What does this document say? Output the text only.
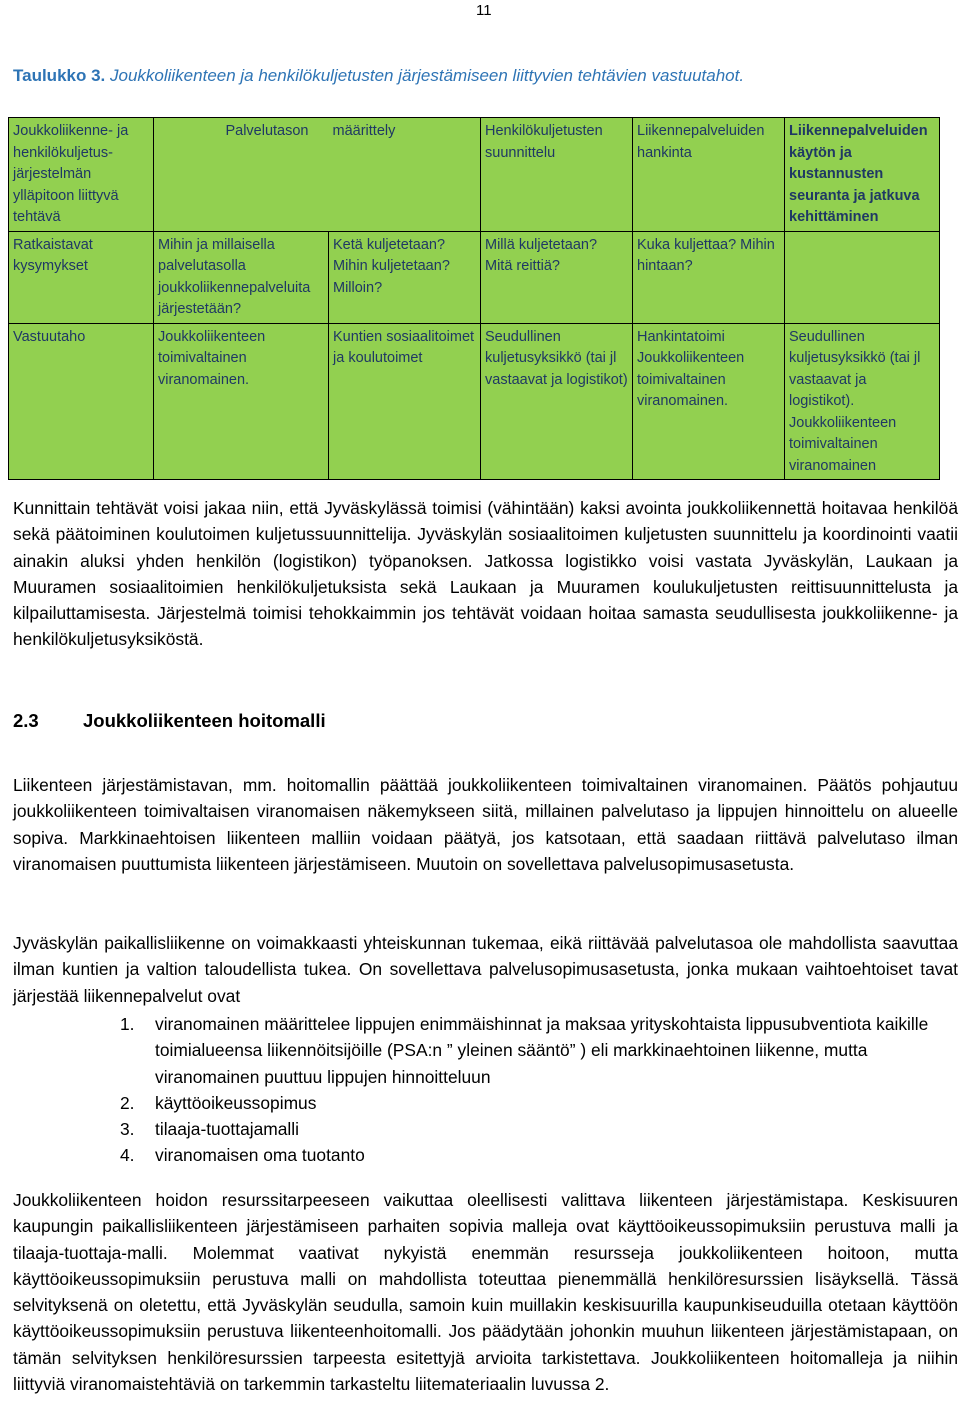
11
Taulukko 3. Joukkoliikenteen ja henkilökuljetusten järjestämiseen liittyvien tehtävien vastuutahot.
Joukkoliikenne- ja henkilökuljetus-järjestelmän ylläpitoon liittyvä tehtävä	Palvelutason	määrittely	Henkilökuljetusten suunnittelu	Liikennepalveluiden hankinta	Liikennepalveluiden käytön ja kustannusten seuranta ja jatkuva kehittäminen
Ratkaistavat kysymykset	Mihin ja millaisella palvelutasolla joukkoliikennepalveluita järjestetään?	Ketä kuljetetaan? Mihin kuljetetaan? Milloin?	Millä kuljetetaan? Mitä reittiä?	Kuka kuljettaa? Mihin hintaan?	
Vastuutaho	Joukkoliikenteen toimivaltainen viranomainen.	Kuntien sosiaalitoimet ja koulutoimet	Seudullinen kuljetusyksikkö (tai jl vastaavat ja logistikot)	Hankintatoimi Joukkoliikenteen toimivaltainen viranomainen.	Seudullinen kuljetusyksikkö (tai jl vastaavat ja logistikot). Joukkoliikenteen toimivaltainen viranomainen

Kunnittain tehtävät voisi jakaa niin, että Jyväskylässä toimisi (vähintään) kaksi avointa joukkoliikennettä hoitavaa henkilöä sekä päätoiminen koulutoimen kuljetussuunnittelija. Jyväskylän sosiaalitoimen kuljetusten suunnittelu ja koordinointi vaatii ainakin aluksi yhden henkilön (logistikon) työpanoksen. Jatkossa logistikko voisi vastata Jyväskylän, Laukaan ja Muuramen sosiaalitoimien henkilökuljetuksista sekä Laukaan ja Muuramen koulukuljetusten reittisuunnittelusta ja kilpailuttamisesta. Järjestelmä toimisi tehokkaimmin jos tehtävät voidaan hoitaa samasta seudullisesta joukkoliikenne- ja henkilökuljetusyksiköstä.

2.3 Joukkoliikenteen hoitomalli

Liikenteen järjestämistavan, mm. hoitomallin päättää joukkoliikenteen toimivaltainen viranomainen. Päätös pohjautuu joukkoliikenteen toimivaltaisen viranomaisen näkemykseen siitä, millainen palvelutaso ja lippujen hinnoittelu on alueelle sopiva. Markkinaehtoisen liikenteen malliin voidaan päätyä, jos katsotaan, että saadaan riittävä palvelutaso ilman viranomaisen puuttumista liikenteen järjestämiseen. Muutoin on sovellettava palvelusopimusasetusta.

Jyväskylän paikallisliikenne on voimakkaasti yhteiskunnan tukemaa, eikä riittävää palvelutasoa ole mahdollista saavuttaa ilman kuntien ja valtion taloudellista tukea. On sovellettava palvelusopimusasetusta, jonka mukaan vaihtoehtoiset tavat järjestää liikennepalvelut ovat

1. viranomainen määrittelee lippujen enimmäishinnat ja maksaa yrityskohtaista lippusubventiota kaikille toimialueensa liikennöitsijöille (PSA:n ” yleinen sääntö” ) eli markkinaehtoinen liikenne, mutta viranomainen puuttuu lippujen hinnoitteluun
2. käyttöoikeussopimus
3. tilaaja-tuottajamalli
4. viranomaisen oma tuotanto

Joukkoliikenteen hoidon resurssitarpeeseen vaikuttaa oleellisesti valittava liikenteen järjestämistapa. Keskisuuren kaupungin paikallisliikenteen järjestämiseen parhaiten sopivia malleja ovat käyttöoikeussopimuksiin perustuva malli ja tilaaja-tuottaja-malli. Molemmat vaativat nykyistä enemmän resursseja joukkoliikenteen hoitoon, mutta käyttöoikeussopimuksiin perustuva malli on mahdollista toteuttaa pienemmällä henkilöresurssien lisäyksellä. Tässä selvityksenä on oletettu, että Jyväskylän seudulla, samoin kuin muillakin keskisuurilla kaupunkiseuduilla otetaan käyttöön käyttöoikeussopimuksiin perustuva liikenteenhoitomalli. Jos päädytään johonkin muuhun liikenteen järjestämistapaan, on tämän selvityksen henkilöresurssien tarpeesta esitettyjä arvioita tarkistettava. Joukkoliikenteen hoitomalleja ja niihin liittyviä viranomaistehtäviä on tarkemmin tarkasteltu liitemateriaalin luvussa 2.
